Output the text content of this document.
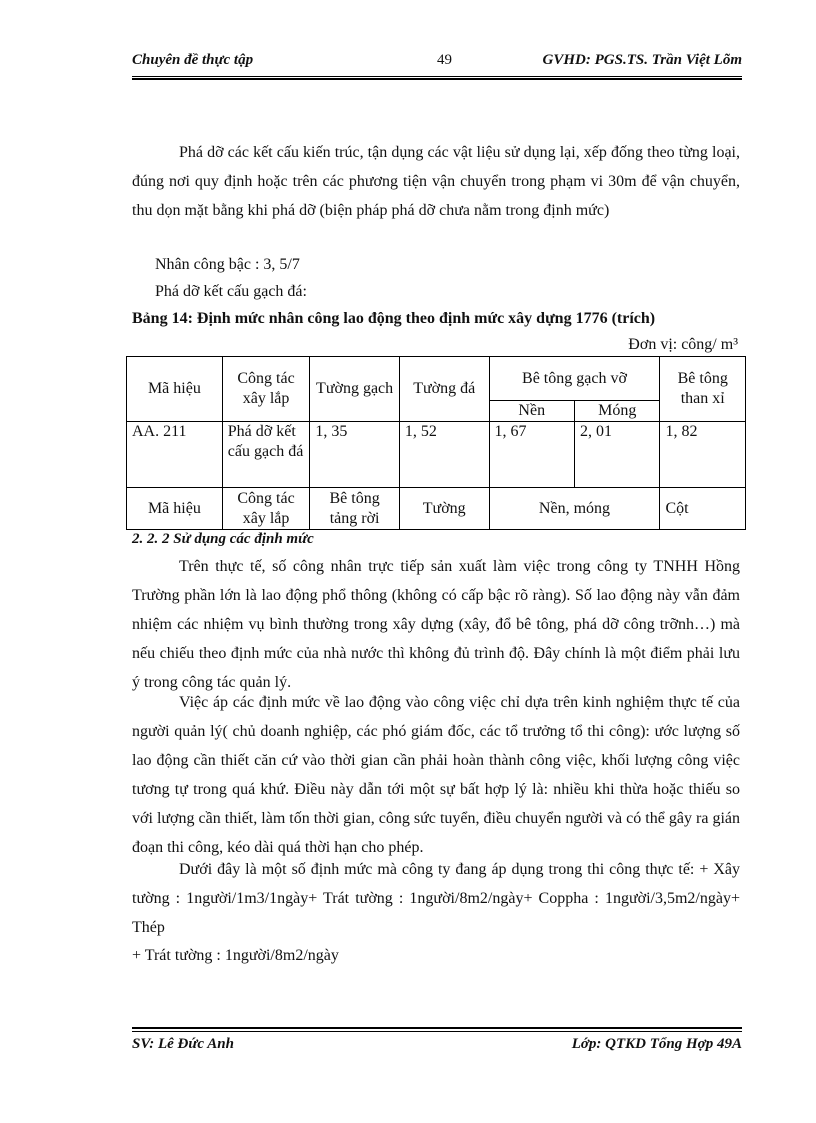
Chuyên đề thực tập	49	GVHD: PGS.TS. Trần Việt Lõm

Phá dỡ các kết cấu kiến trúc, tận dụng các vật liệu sử dụng lại, xếp đống theo từng loại, đúng nơi quy định hoặc trên các phương tiện vận chuyển trong phạm vi 30m để vận chuyển, thu dọn mặt bằng khi phá dỡ (biện pháp phá dỡ chưa nằm trong định mức)

Nhân công bậc : 3, 5/7
Phá dỡ kết cấu gạch đá:
Bảng 14: Định mức nhân công lao động theo định mức xây dựng 1776 (trích)
Đơn vị: công/ m³
Mã hiệu	Công tác xây lắp	Tường gạch	Tường đá	Bê tông gạch vỡ		Bê tông than xỉ
				Nền	Móng	
AA. 211	Phá dỡ kết cấu gạch đá	1, 35	1, 52	1, 67	2, 01	1, 82
Mã hiệu	Công tác xây lắp	Bê tông tảng rời	Tường	Nền, móng		Cột
2. 2. 2 Sử dụng các định mức

Trên thực tế, số công nhân trực tiếp sản xuất làm việc trong công ty TNHH Hồng Trường phần lớn là lao động phổ thông (không có cấp bậc rõ ràng). Số lao động này vẫn đảm nhiệm các nhiệm vụ bình thường trong xây dựng (xây, đổ bê tông, phá dỡ công trỡnh…) mà nếu chiếu theo định mức của nhà nước thì không đủ trình độ. Đây chính là một điểm phải lưu ý trong công tác quản lý.

Việc áp các định mức về lao động vào công việc chỉ dựa trên kinh nghiệm thực tế của người quản lý( chủ doanh nghiệp, các phó giám đốc, các tổ trưởng tổ thi công): ước lượng số lao động cần thiết căn cứ vào thời gian cần phải hoàn thành công việc, khối lượng công việc tương tự trong quá khứ. Điều này dẫn tới một sự bất hợp lý là: nhiều khi thừa hoặc thiếu so với lượng cần thiết, làm tốn thời gian, công sức tuyển, điều chuyển người và có thể gây ra gián đoạn thi công, kéo dài quá thời hạn cho phép.

Dưới đây là một số định mức mà công ty đang áp dụng trong thi công thực tế: + Xây tường : 1người/1m3/1ngày+ Trát tường : 1người/8m2/ngày+ Coppha : 1người/3,5m2/ngày+ Thép

+ Trát tường : 1người/8m2/ngày
SV: Lê Đức Anh	Lớp: QTKD Tổng Hợp 49A
